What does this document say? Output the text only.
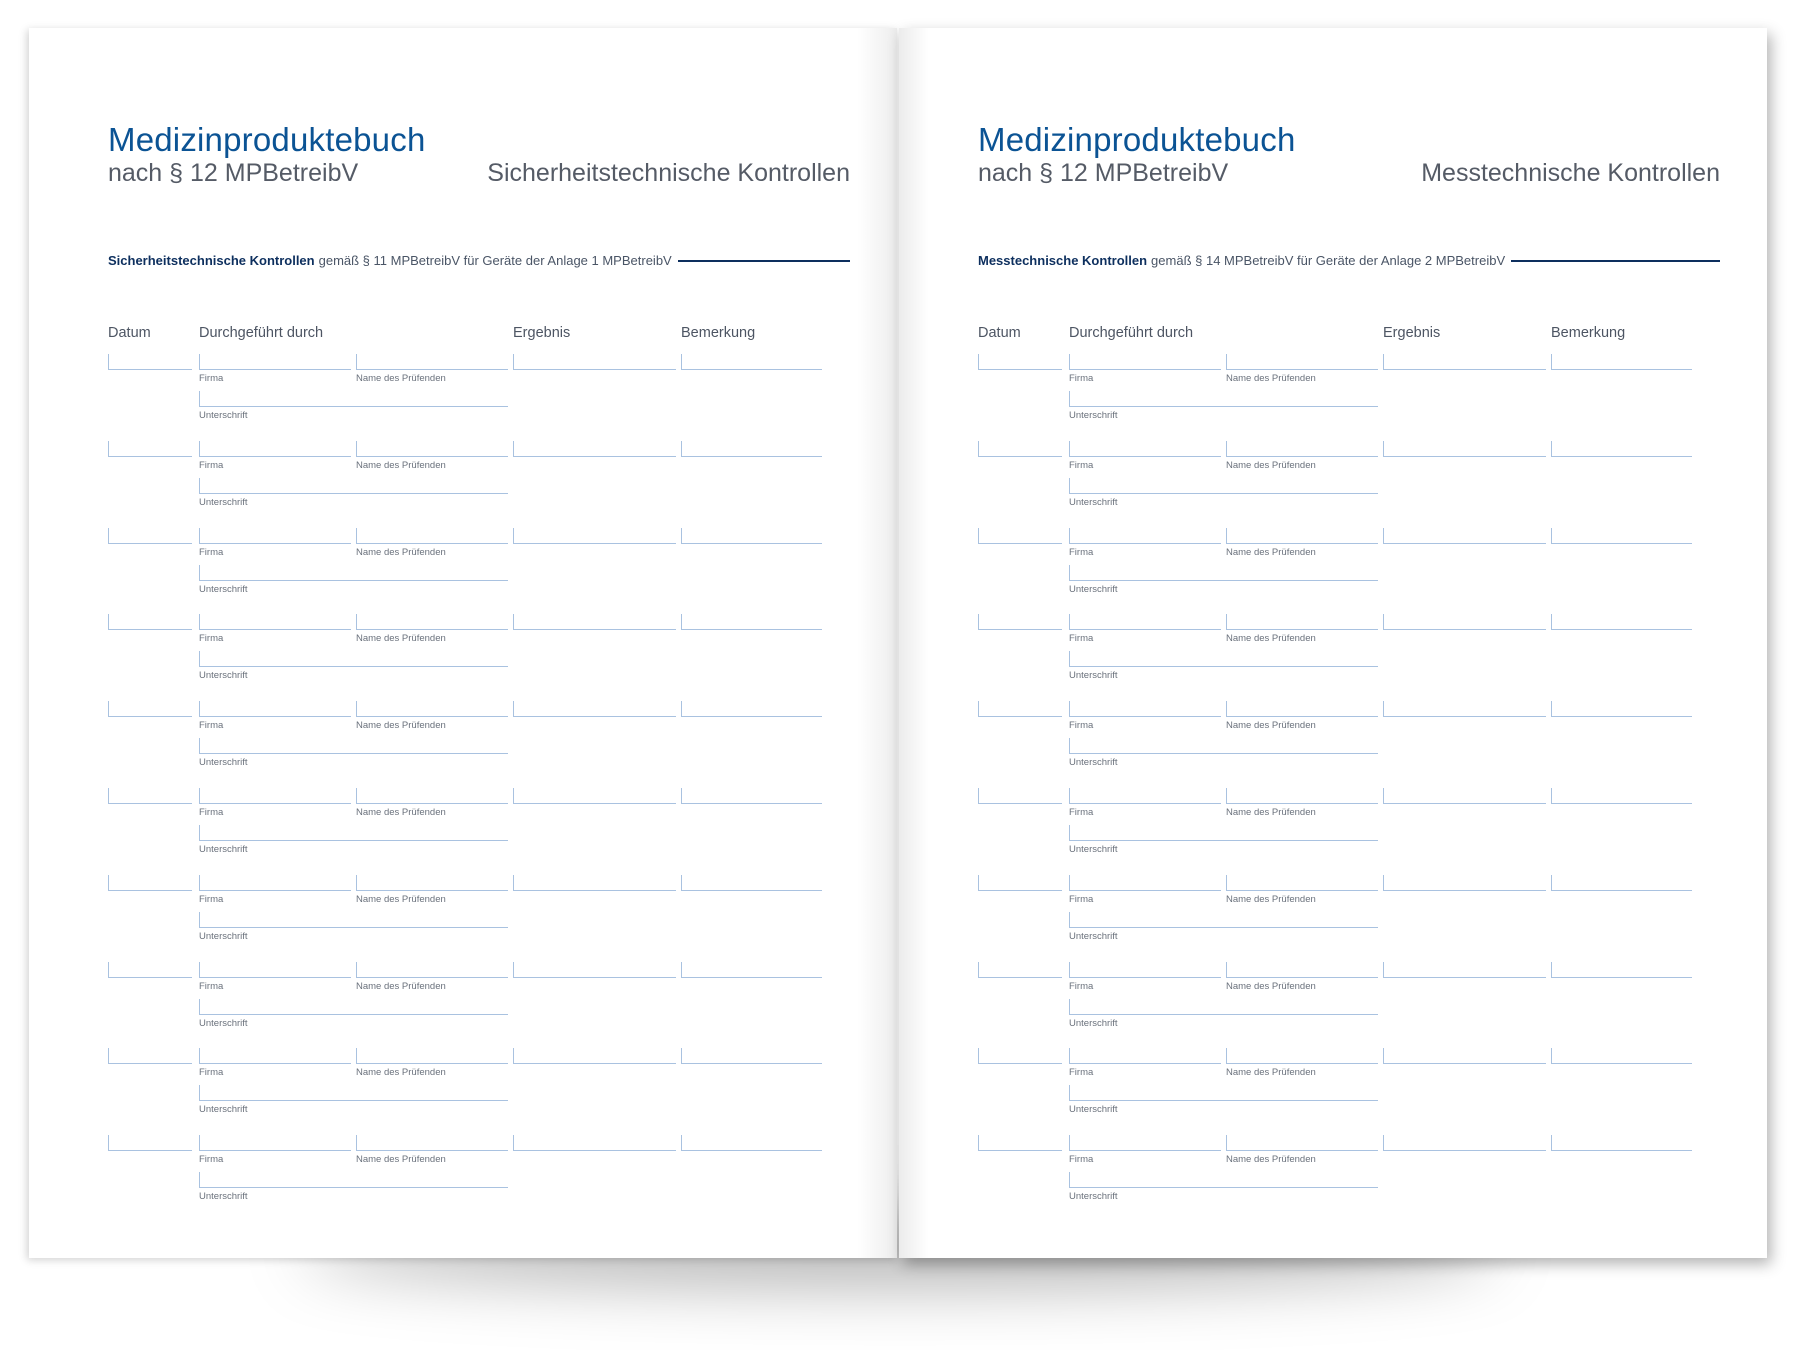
Medizinproduktebuch
nach § 12 MPBetreibV	Sicherheitstechnische Kontrollen
Sicherheitstechnische Kontrollen gemäß § 11 MPBetreibV für Geräte der Anlage 1 MPBetreibV
Datum	Durchgeführt durch	Ergebnis	Bemerkung
Firma	Name des Prüfenden
Unterschrift
Firma	Name des Prüfenden
Unterschrift
Firma	Name des Prüfenden
Unterschrift
Firma	Name des Prüfenden
Unterschrift
Firma	Name des Prüfenden
Unterschrift
Firma	Name des Prüfenden
Unterschrift
Firma	Name des Prüfenden
Unterschrift
Firma	Name des Prüfenden
Unterschrift
Firma	Name des Prüfenden
Unterschrift
Firma	Name des Prüfenden
Unterschrift
Medizinproduktebuch
nach § 12 MPBetreibV	Messtechnische Kontrollen
Messtechnische Kontrollen gemäß § 14 MPBetreibV für Geräte der Anlage 2 MPBetreibV
Datum	Durchgeführt durch	Ergebnis	Bemerkung
Firma	Name des Prüfenden
Unterschrift
Firma	Name des Prüfenden
Unterschrift
Firma	Name des Prüfenden
Unterschrift
Firma	Name des Prüfenden
Unterschrift
Firma	Name des Prüfenden
Unterschrift
Firma	Name des Prüfenden
Unterschrift
Firma	Name des Prüfenden
Unterschrift
Firma	Name des Prüfenden
Unterschrift
Firma	Name des Prüfenden
Unterschrift
Firma	Name des Prüfenden
Unterschrift
